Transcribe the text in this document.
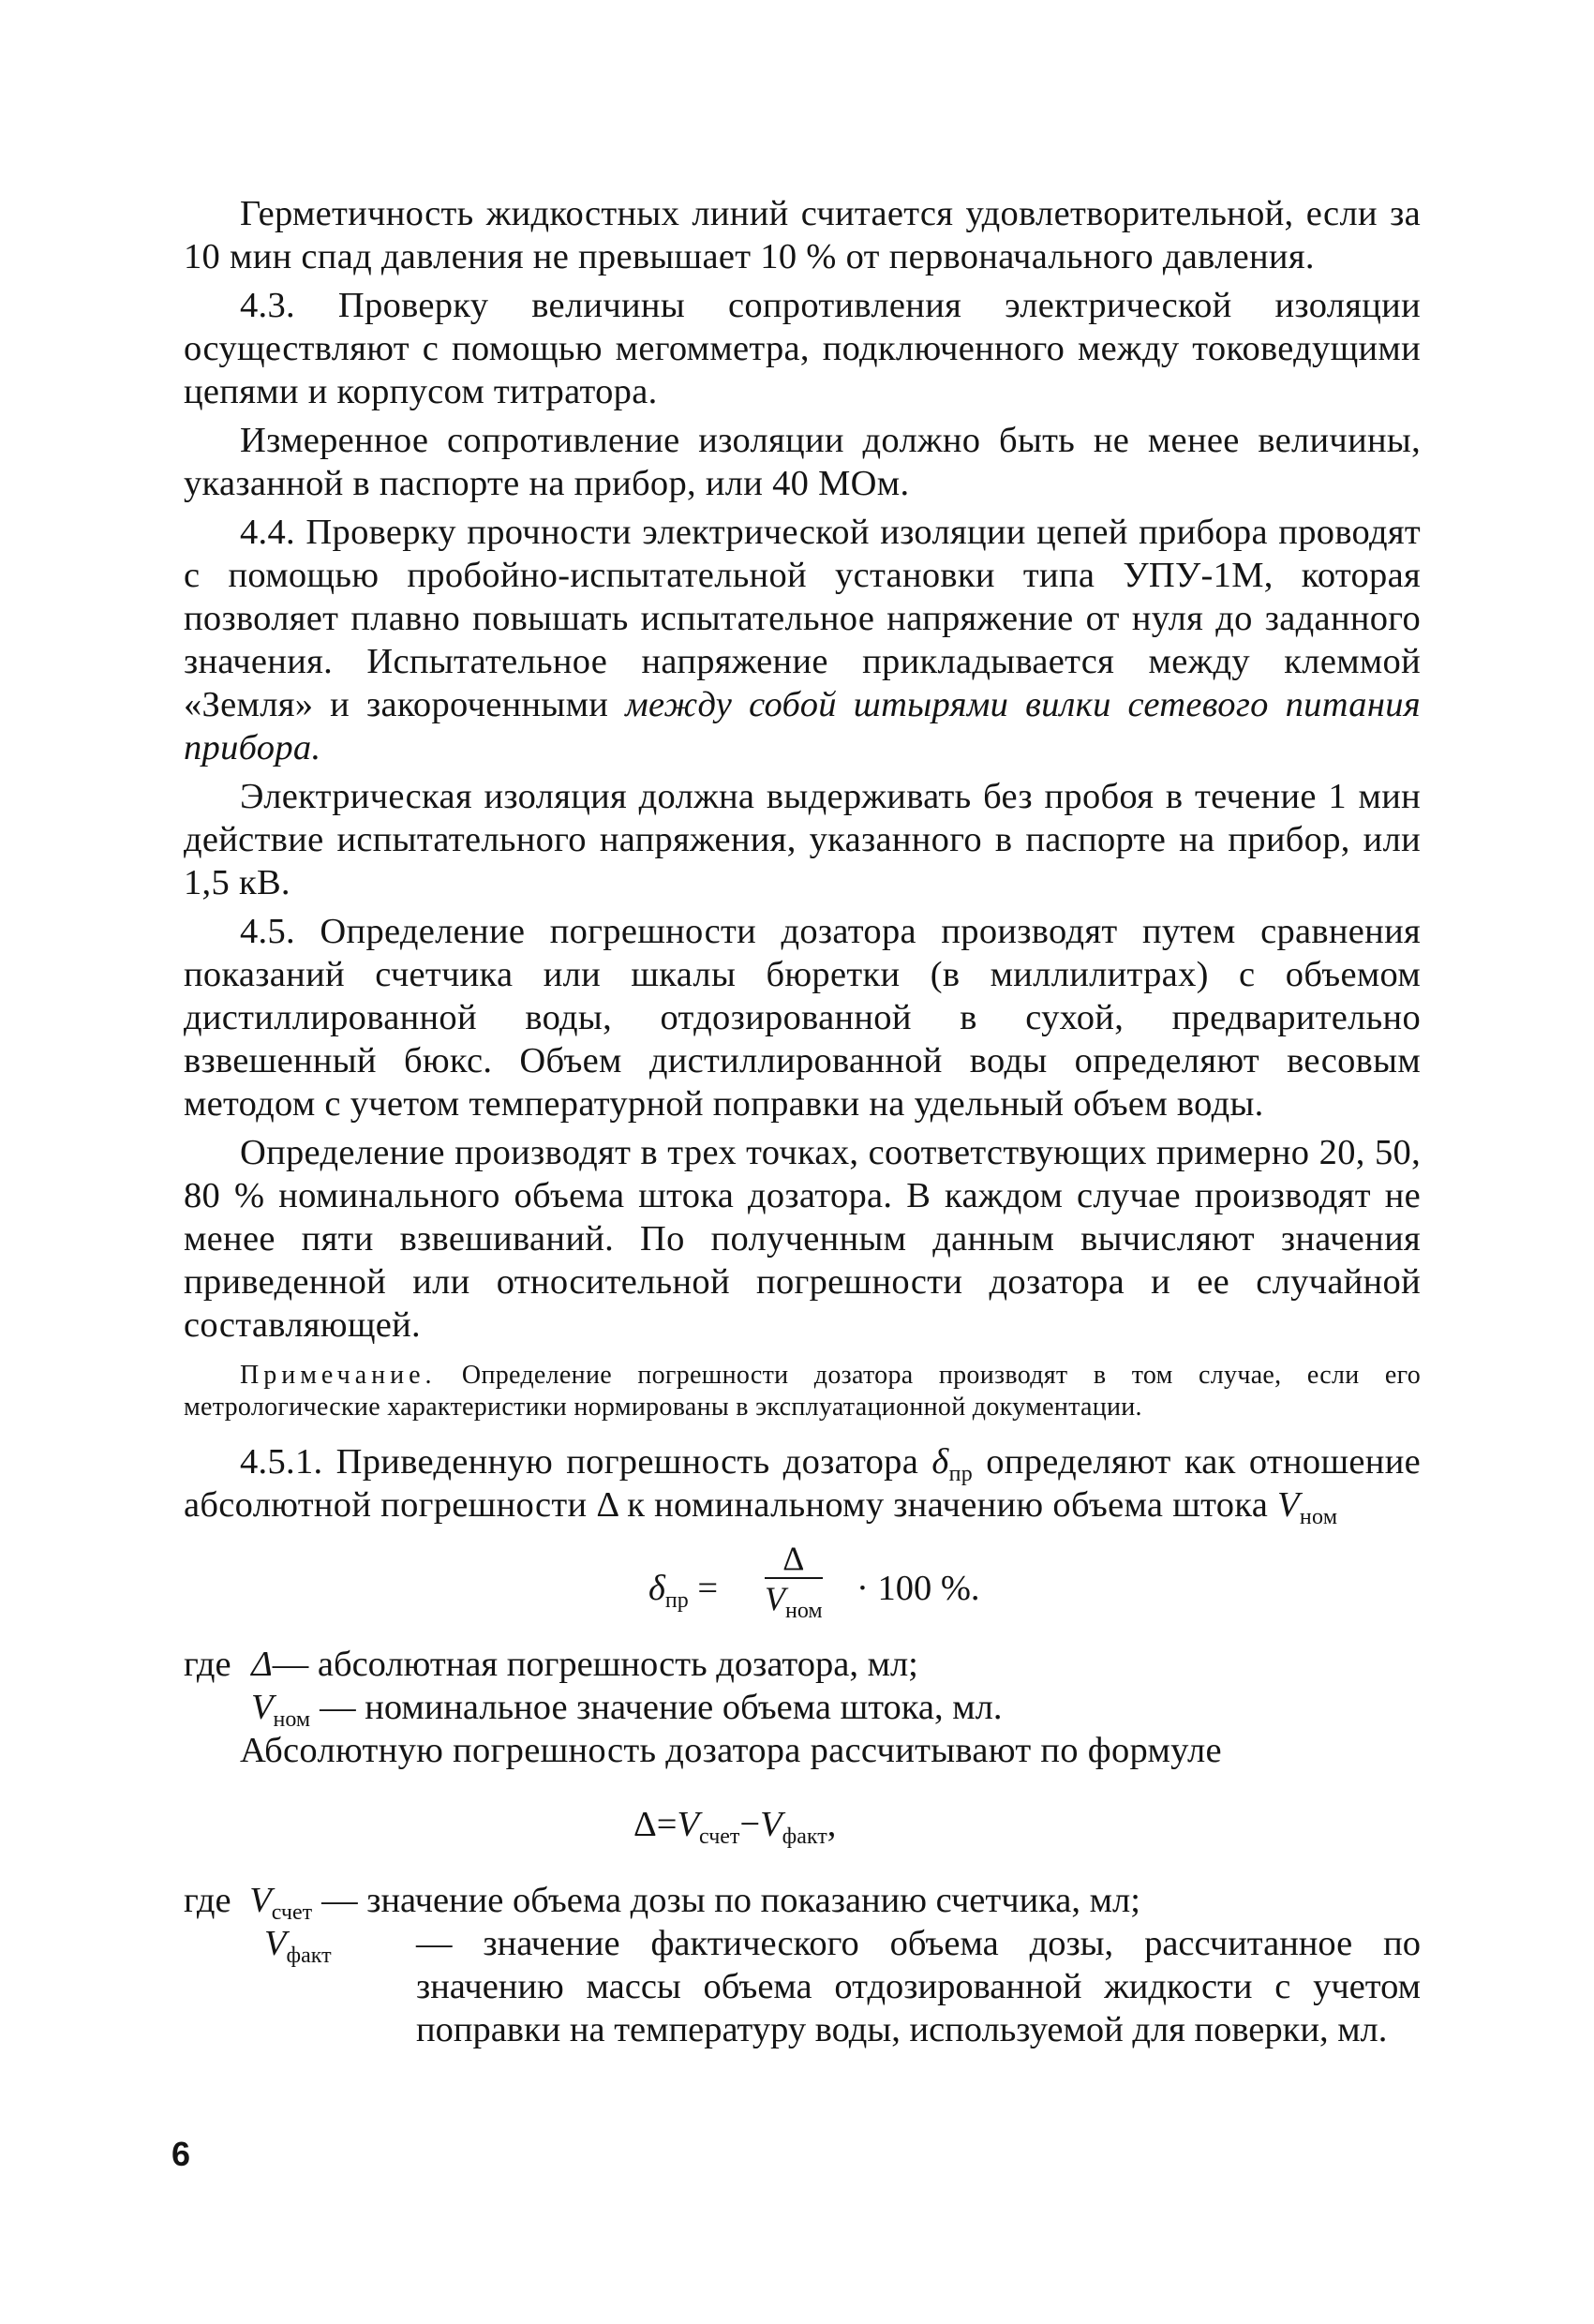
Герметичность жидкостных линий считается удовлетворительной, если за 10 мин спад давления не превышает 10 % от первоначального давления.

4.3. Проверку величины сопротивления электрической изоляции осуществляют с помощью мегомметра, подключенного между токоведущими цепями и корпусом титратора.

Измеренное сопротивление изоляции должно быть не менее величины, указанной в паспорте на прибор, или 40 МОм.

4.4. Проверку прочности электрической изоляции цепей прибора проводят с помощью пробойно-испытательной установки типа УПУ-1М, которая позволяет плавно повышать испытательное напряжение от нуля до заданного значения. Испытательное напряжение прикладывается между клеммой «Земля» и закороченными между собой штырями вилки сетевого питания прибора.

Электрическая изоляция должна выдерживать без пробоя в течение 1 мин действие испытательного напряжения, указанного в паспорте на прибор, или 1,5 кВ.

4.5. Определение погрешности дозатора производят путем сравнения показаний счетчика или шкалы бюретки (в миллилитрах) с объемом дистиллированной воды, отдозированной в сухой, предварительно взвешенный бюкс. Объем дистиллированной воды определяют весовым методом с учетом температурной поправки на удельный объем воды.

Определение производят в трех точках, соответствующих примерно 20, 50, 80 % номинального объема штока дозатора. В каждом случае производят не менее пяти взвешиваний. По полученным данным вычисляют значения приведенной или относительной погрешности дозатора и ее случайной составляющей.

Примечание. Определение погрешности дозатора производят в том случае, если его метрологические характеристики нормированы в эксплуатационной документации.

4.5.1. Приведенную погрешность дозатора $\delta_{пр}$ определяют как отношение абсолютной погрешности Δ к номинальному значению объема штока $V_{ном}$

$\delta_{пр}$ =
Δ
$V_{ном}$
· 100 %.
где Δ— абсолютная погрешность дозатора, мл;
$V_{ном}$ — номинальное значение объема штока, мл.

Абсолютную погрешность дозатора рассчитывают по формуле

$\Delta=V_{счет}-V_{факт}$,
где $V_{счет}$ — значение объема дозы по показанию счетчика, мл;
$V_{факт}$ — значение фактического объема дозы, рассчитанное по значению массы объема отдозированной жидкости с учетом поправки на температуру воды, используемой для поверки, мл.
6
